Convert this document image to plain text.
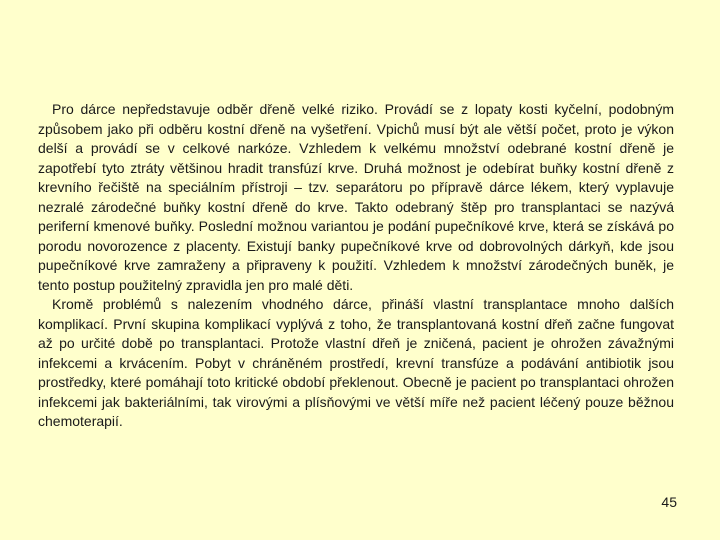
Pro dárce nepředstavuje odběr dřeně velké riziko. Provádí se z lopaty kosti kyčelní, podobným způsobem jako při odběru kostní dřeně na vyšetření. Vpichů musí být ale větší počet, proto je výkon delší a provádí se v celkové narkóze. Vzhledem k velkému množství odebrané kostní dřeně je zapotřebí tyto ztráty většinou hradit transfúzí krve. Druhá možnost je odebírat buňky kostní dřeně z krevního řečiště na speciálním přístroji – tzv. separátoru po přípravě dárce lékem, který vyplavuje nezralé zárodečné buňky kostní dřeně do krve. Takto odebraný štěp pro transplantaci se nazývá periferní kmenové buňky. Poslední možnou variantou je podání pupečníkové krve, která se získává po porodu novorozence z placenty. Existují banky pupečníkové krve od dobrovolných dárkyň, kde jsou pupečníkové krve zamraženy a připraveny k použití. Vzhledem k množství zárodečných buněk, je tento postup použitelný zpravidla jen pro malé děti.

Kromě problémů s nalezením vhodného dárce, přináší vlastní transplantace mnoho dalších komplikací. První skupina komplikací vyplývá z toho, že transplantovaná kostní dřeň začne fungovat až po určité době po transplantaci. Protože vlastní dřeň je zničená, pacient je ohrožen závažnými infekcemi a krvácením. Pobyt v chráněném prostředí, krevní transfúze a podávání antibiotik jsou prostředky, které pomáhají toto kritické období překlenout. Obecně je pacient po transplantaci ohrožen infekcemi jak bakteriálními, tak virovými a plísňovými ve větší míře než pacient léčený pouze běžnou chemoterapií.

45
